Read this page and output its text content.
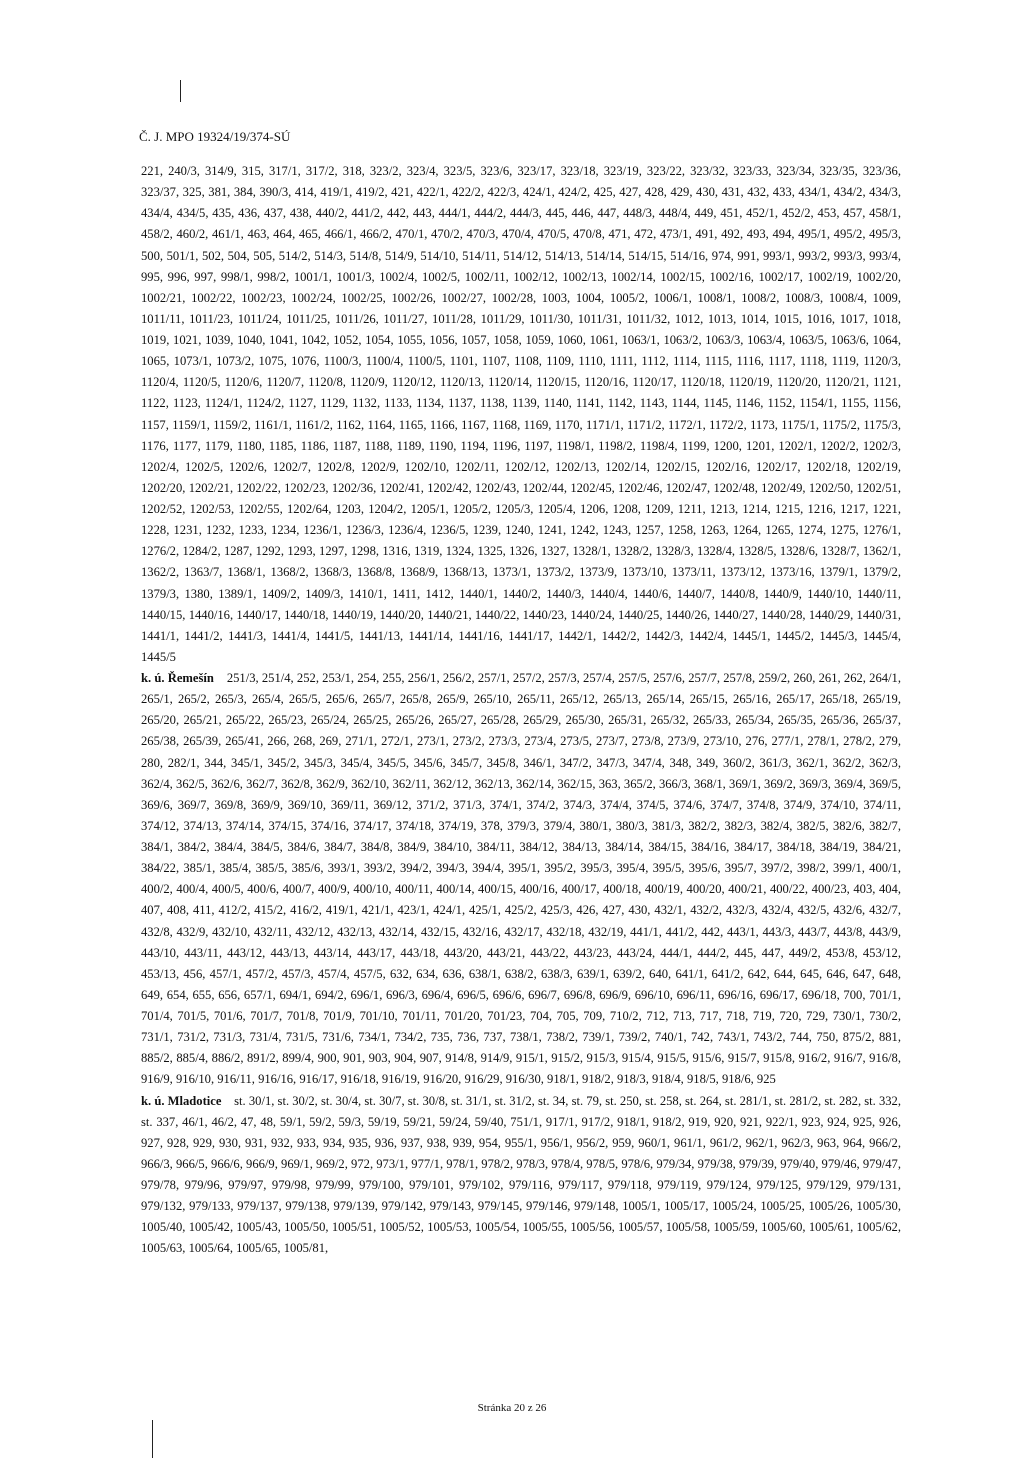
Č. J. MPO 19324/19/374-SÚ

221, 240/3, 314/9, 315, 317/1, 317/2, 318, 323/2, 323/4, 323/5, 323/6, 323/17, 323/18, 323/19, 323/22, 323/32, 323/33, 323/34, 323/35, 323/36, 323/37, 325, 381, 384, 390/3, 414, 419/1, 419/2, 421, 422/1, 422/2, 422/3, 424/1, 424/2, 425, 427, 428, 429, 430, 431, 432, 433, 434/1, 434/2, 434/3, 434/4, 434/5, 435, 436, 437, 438, 440/2, 441/2, 442, 443, 444/1, 444/2, 444/3, 445, 446, 447, 448/3, 448/4, 449, 451, 452/1, 452/2, 453, 457, 458/1, 458/2, 460/2, 461/1, 463, 464, 465, 466/1, 466/2, 470/1, 470/2, 470/3, 470/4, 470/5, 470/8, 471, 472, 473/1, 491, 492, 493, 494, 495/1, 495/2, 495/3, 500, 501/1, 502, 504, 505, 514/2, 514/3, 514/8, 514/9, 514/10, 514/11, 514/12, 514/13, 514/14, 514/15, 514/16, 974, 991, 993/1, 993/2, 993/3, 993/4, 995, 996, 997, 998/1, 998/2, 1001/1, 1001/3, 1002/4, 1002/5, 1002/11, 1002/12, 1002/13, 1002/14, 1002/15, 1002/16, 1002/17, 1002/19, 1002/20, 1002/21, 1002/22, 1002/23, 1002/24, 1002/25, 1002/26, 1002/27, 1002/28, 1003, 1004, 1005/2, 1006/1, 1008/1, 1008/2, 1008/3, 1008/4, 1009, 1011/11, 1011/23, 1011/24, 1011/25, 1011/26, 1011/27, 1011/28, 1011/29, 1011/30, 1011/31, 1011/32, 1012, 1013, 1014, 1015, 1016, 1017, 1018, 1019, 1021, 1039, 1040, 1041, 1042, 1052, 1054, 1055, 1056, 1057, 1058, 1059, 1060, 1061, 1063/1, 1063/2, 1063/3, 1063/4, 1063/5, 1063/6, 1064, 1065, 1073/1, 1073/2, 1075, 1076, 1100/3, 1100/4, 1100/5, 1101, 1107, 1108, 1109, 1110, 1111, 1112, 1114, 1115, 1116, 1117, 1118, 1119, 1120/3, 1120/4, 1120/5, 1120/6, 1120/7, 1120/8, 1120/9, 1120/12, 1120/13, 1120/14, 1120/15, 1120/16, 1120/17, 1120/18, 1120/19, 1120/20, 1120/21, 1121, 1122, 1123, 1124/1, 1124/2, 1127, 1129, 1132, 1133, 1134, 1137, 1138, 1139, 1140, 1141, 1142, 1143, 1144, 1145, 1146, 1152, 1154/1, 1155, 1156, 1157, 1159/1, 1159/2, 1161/1, 1161/2, 1162, 1164, 1165, 1166, 1167, 1168, 1169, 1170, 1171/1, 1171/2, 1172/1, 1172/2, 1173, 1175/1, 1175/2, 1175/3, 1176, 1177, 1179, 1180, 1185, 1186, 1187, 1188, 1189, 1190, 1194, 1196, 1197, 1198/1, 1198/2, 1198/4, 1199, 1200, 1201, 1202/1, 1202/2, 1202/3, 1202/4, 1202/5, 1202/6, 1202/7, 1202/8, 1202/9, 1202/10, 1202/11, 1202/12, 1202/13, 1202/14, 1202/15, 1202/16, 1202/17, 1202/18, 1202/19, 1202/20, 1202/21, 1202/22, 1202/23, 1202/36, 1202/41, 1202/42, 1202/43, 1202/44, 1202/45, 1202/46, 1202/47, 1202/48, 1202/49, 1202/50, 1202/51, 1202/52, 1202/53, 1202/55, 1202/64, 1203, 1204/2, 1205/1, 1205/2, 1205/3, 1205/4, 1206, 1208, 1209, 1211, 1213, 1214, 1215, 1216, 1217, 1221, 1228, 1231, 1232, 1233, 1234, 1236/1, 1236/3, 1236/4, 1236/5, 1239, 1240, 1241, 1242, 1243, 1257, 1258, 1263, 1264, 1265, 1274, 1275, 1276/1, 1276/2, 1284/2, 1287, 1292, 1293, 1297, 1298, 1316, 1319, 1324, 1325, 1326, 1327, 1328/1, 1328/2, 1328/3, 1328/4, 1328/5, 1328/6, 1328/7, 1362/1, 1362/2, 1363/7, 1368/1, 1368/2, 1368/3, 1368/8, 1368/9, 1368/13, 1373/1, 1373/2, 1373/9, 1373/10, 1373/11, 1373/12, 1373/16, 1379/1, 1379/2, 1379/3, 1380, 1389/1, 1409/2, 1409/3, 1410/1, 1411, 1412, 1440/1, 1440/2, 1440/3, 1440/4, 1440/6, 1440/7, 1440/8, 1440/9, 1440/10, 1440/11, 1440/15, 1440/16, 1440/17, 1440/18, 1440/19, 1440/20, 1440/21, 1440/22, 1440/23, 1440/24, 1440/25, 1440/26, 1440/27, 1440/28, 1440/29, 1440/31, 1441/1, 1441/2, 1441/3, 1441/4, 1441/5, 1441/13, 1441/14, 1441/16, 1441/17, 1442/1, 1442/2, 1442/3, 1442/4, 1445/1, 1445/2, 1445/3, 1445/4, 1445/5

k. ú. Řemešín 251/3, 251/4, 252, 253/1, 254, 255, 256/1, 256/2, 257/1, 257/2, 257/3, 257/4, 257/5, 257/6, 257/7, 257/8, 259/2, 260, 261, 262, 264/1, 265/1, 265/2, 265/3, 265/4, 265/5, 265/6, 265/7, 265/8, 265/9, 265/10, 265/11, 265/12, 265/13, 265/14, 265/15, 265/16, 265/17, 265/18, 265/19, 265/20, 265/21, 265/22, 265/23, 265/24, 265/25, 265/26, 265/27, 265/28, 265/29, 265/30, 265/31, 265/32, 265/33, 265/34, 265/35, 265/36, 265/37, 265/38, 265/39, 265/41, 266, 268, 269, 271/1, 272/1, 273/1, 273/2, 273/3, 273/4, 273/5, 273/7, 273/8, 273/9, 273/10, 276, 277/1, 278/1, 278/2, 279, 280, 282/1, 344, 345/1, 345/2, 345/3, 345/4, 345/5, 345/6, 345/7, 345/8, 346/1, 347/2, 347/3, 347/4, 348, 349, 360/2, 361/3, 362/1, 362/2, 362/3, 362/4, 362/5, 362/6, 362/7, 362/8, 362/9, 362/10, 362/11, 362/12, 362/13, 362/14, 362/15, 363, 365/2, 366/3, 368/1, 369/1, 369/2, 369/3, 369/4, 369/5, 369/6, 369/7, 369/8, 369/9, 369/10, 369/11, 369/12, 371/2, 371/3, 374/1, 374/2, 374/3, 374/4, 374/5, 374/6, 374/7, 374/8, 374/9, 374/10, 374/11, 374/12, 374/13, 374/14, 374/15, 374/16, 374/17, 374/18, 374/19, 378, 379/3, 379/4, 380/1, 380/3, 381/3, 382/2, 382/3, 382/4, 382/5, 382/6, 382/7, 384/1, 384/2, 384/4, 384/5, 384/6, 384/7, 384/8, 384/9, 384/10, 384/11, 384/12, 384/13, 384/14, 384/15, 384/16, 384/17, 384/18, 384/19, 384/21, 384/22, 385/1, 385/4, 385/5, 385/6, 393/1, 393/2, 394/2, 394/3, 394/4, 395/1, 395/2, 395/3, 395/4, 395/5, 395/6, 395/7, 397/2, 398/2, 399/1, 400/1, 400/2, 400/4, 400/5, 400/6, 400/7, 400/9, 400/10, 400/11, 400/14, 400/15, 400/16, 400/17, 400/18, 400/19, 400/20, 400/21, 400/22, 400/23, 403, 404, 407, 408, 411, 412/2, 415/2, 416/2, 419/1, 421/1, 423/1, 424/1, 425/1, 425/2, 425/3, 426, 427, 430, 432/1, 432/2, 432/3, 432/4, 432/5, 432/6, 432/7, 432/8, 432/9, 432/10, 432/11, 432/12, 432/13, 432/14, 432/15, 432/16, 432/17, 432/18, 432/19, 441/1, 441/2, 442, 443/1, 443/3, 443/7, 443/8, 443/9, 443/10, 443/11, 443/12, 443/13, 443/14, 443/17, 443/18, 443/20, 443/21, 443/22, 443/23, 443/24, 444/1, 444/2, 445, 447, 449/2, 453/8, 453/12, 453/13, 456, 457/1, 457/2, 457/3, 457/4, 457/5, 632, 634, 636, 638/1, 638/2, 638/3, 639/1, 639/2, 640, 641/1, 641/2, 642, 644, 645, 646, 647, 648, 649, 654, 655, 656, 657/1, 694/1, 694/2, 696/1, 696/3, 696/4, 696/5, 696/6, 696/7, 696/8, 696/9, 696/10, 696/11, 696/16, 696/17, 696/18, 700, 701/1, 701/4, 701/5, 701/6, 701/7, 701/8, 701/9, 701/10, 701/11, 701/20, 701/23, 704, 705, 709, 710/2, 712, 713, 717, 718, 719, 720, 729, 730/1, 730/2, 731/1, 731/2, 731/3, 731/4, 731/5, 731/6, 734/1, 734/2, 735, 736, 737, 738/1, 738/2, 739/1, 739/2, 740/1, 742, 743/1, 743/2, 744, 750, 875/2, 881, 885/2, 885/4, 886/2, 891/2, 899/4, 900, 901, 903, 904, 907, 914/8, 914/9, 915/1, 915/2, 915/3, 915/4, 915/5, 915/6, 915/7, 915/8, 916/2, 916/7, 916/8, 916/9, 916/10, 916/11, 916/16, 916/17, 916/18, 916/19, 916/20, 916/29, 916/30, 918/1, 918/2, 918/3, 918/4, 918/5, 918/6, 925

k. ú. Mladotice st. 30/1, st. 30/2, st. 30/4, st. 30/7, st. 30/8, st. 31/1, st. 31/2, st. 34, st. 79, st. 250, st. 258, st. 264, st. 281/1, st. 281/2, st. 282, st. 332, st. 337, 46/1, 46/2, 47, 48, 59/1, 59/2, 59/3, 59/19, 59/21, 59/24, 59/40, 751/1, 917/1, 917/2, 918/1, 918/2, 919, 920, 921, 922/1, 923, 924, 925, 926, 927, 928, 929, 930, 931, 932, 933, 934, 935, 936, 937, 938, 939, 954, 955/1, 956/1, 956/2, 959, 960/1, 961/1, 961/2, 962/1, 962/3, 963, 964, 966/2, 966/3, 966/5, 966/6, 966/9, 969/1, 969/2, 972, 973/1, 977/1, 978/1, 978/2, 978/3, 978/4, 978/5, 978/6, 979/34, 979/38, 979/39, 979/40, 979/46, 979/47, 979/78, 979/96, 979/97, 979/98, 979/99, 979/100, 979/101, 979/102, 979/116, 979/117, 979/118, 979/119, 979/124, 979/125, 979/129, 979/131, 979/132, 979/133, 979/137, 979/138, 979/139, 979/142, 979/143, 979/145, 979/146, 979/148, 1005/1, 1005/17, 1005/24, 1005/25, 1005/26, 1005/30, 1005/40, 1005/42, 1005/43, 1005/50, 1005/51, 1005/52, 1005/53, 1005/54, 1005/55, 1005/56, 1005/57, 1005/58, 1005/59, 1005/60, 1005/61, 1005/62, 1005/63, 1005/64, 1005/65, 1005/81,

Stránka 20 z 26
